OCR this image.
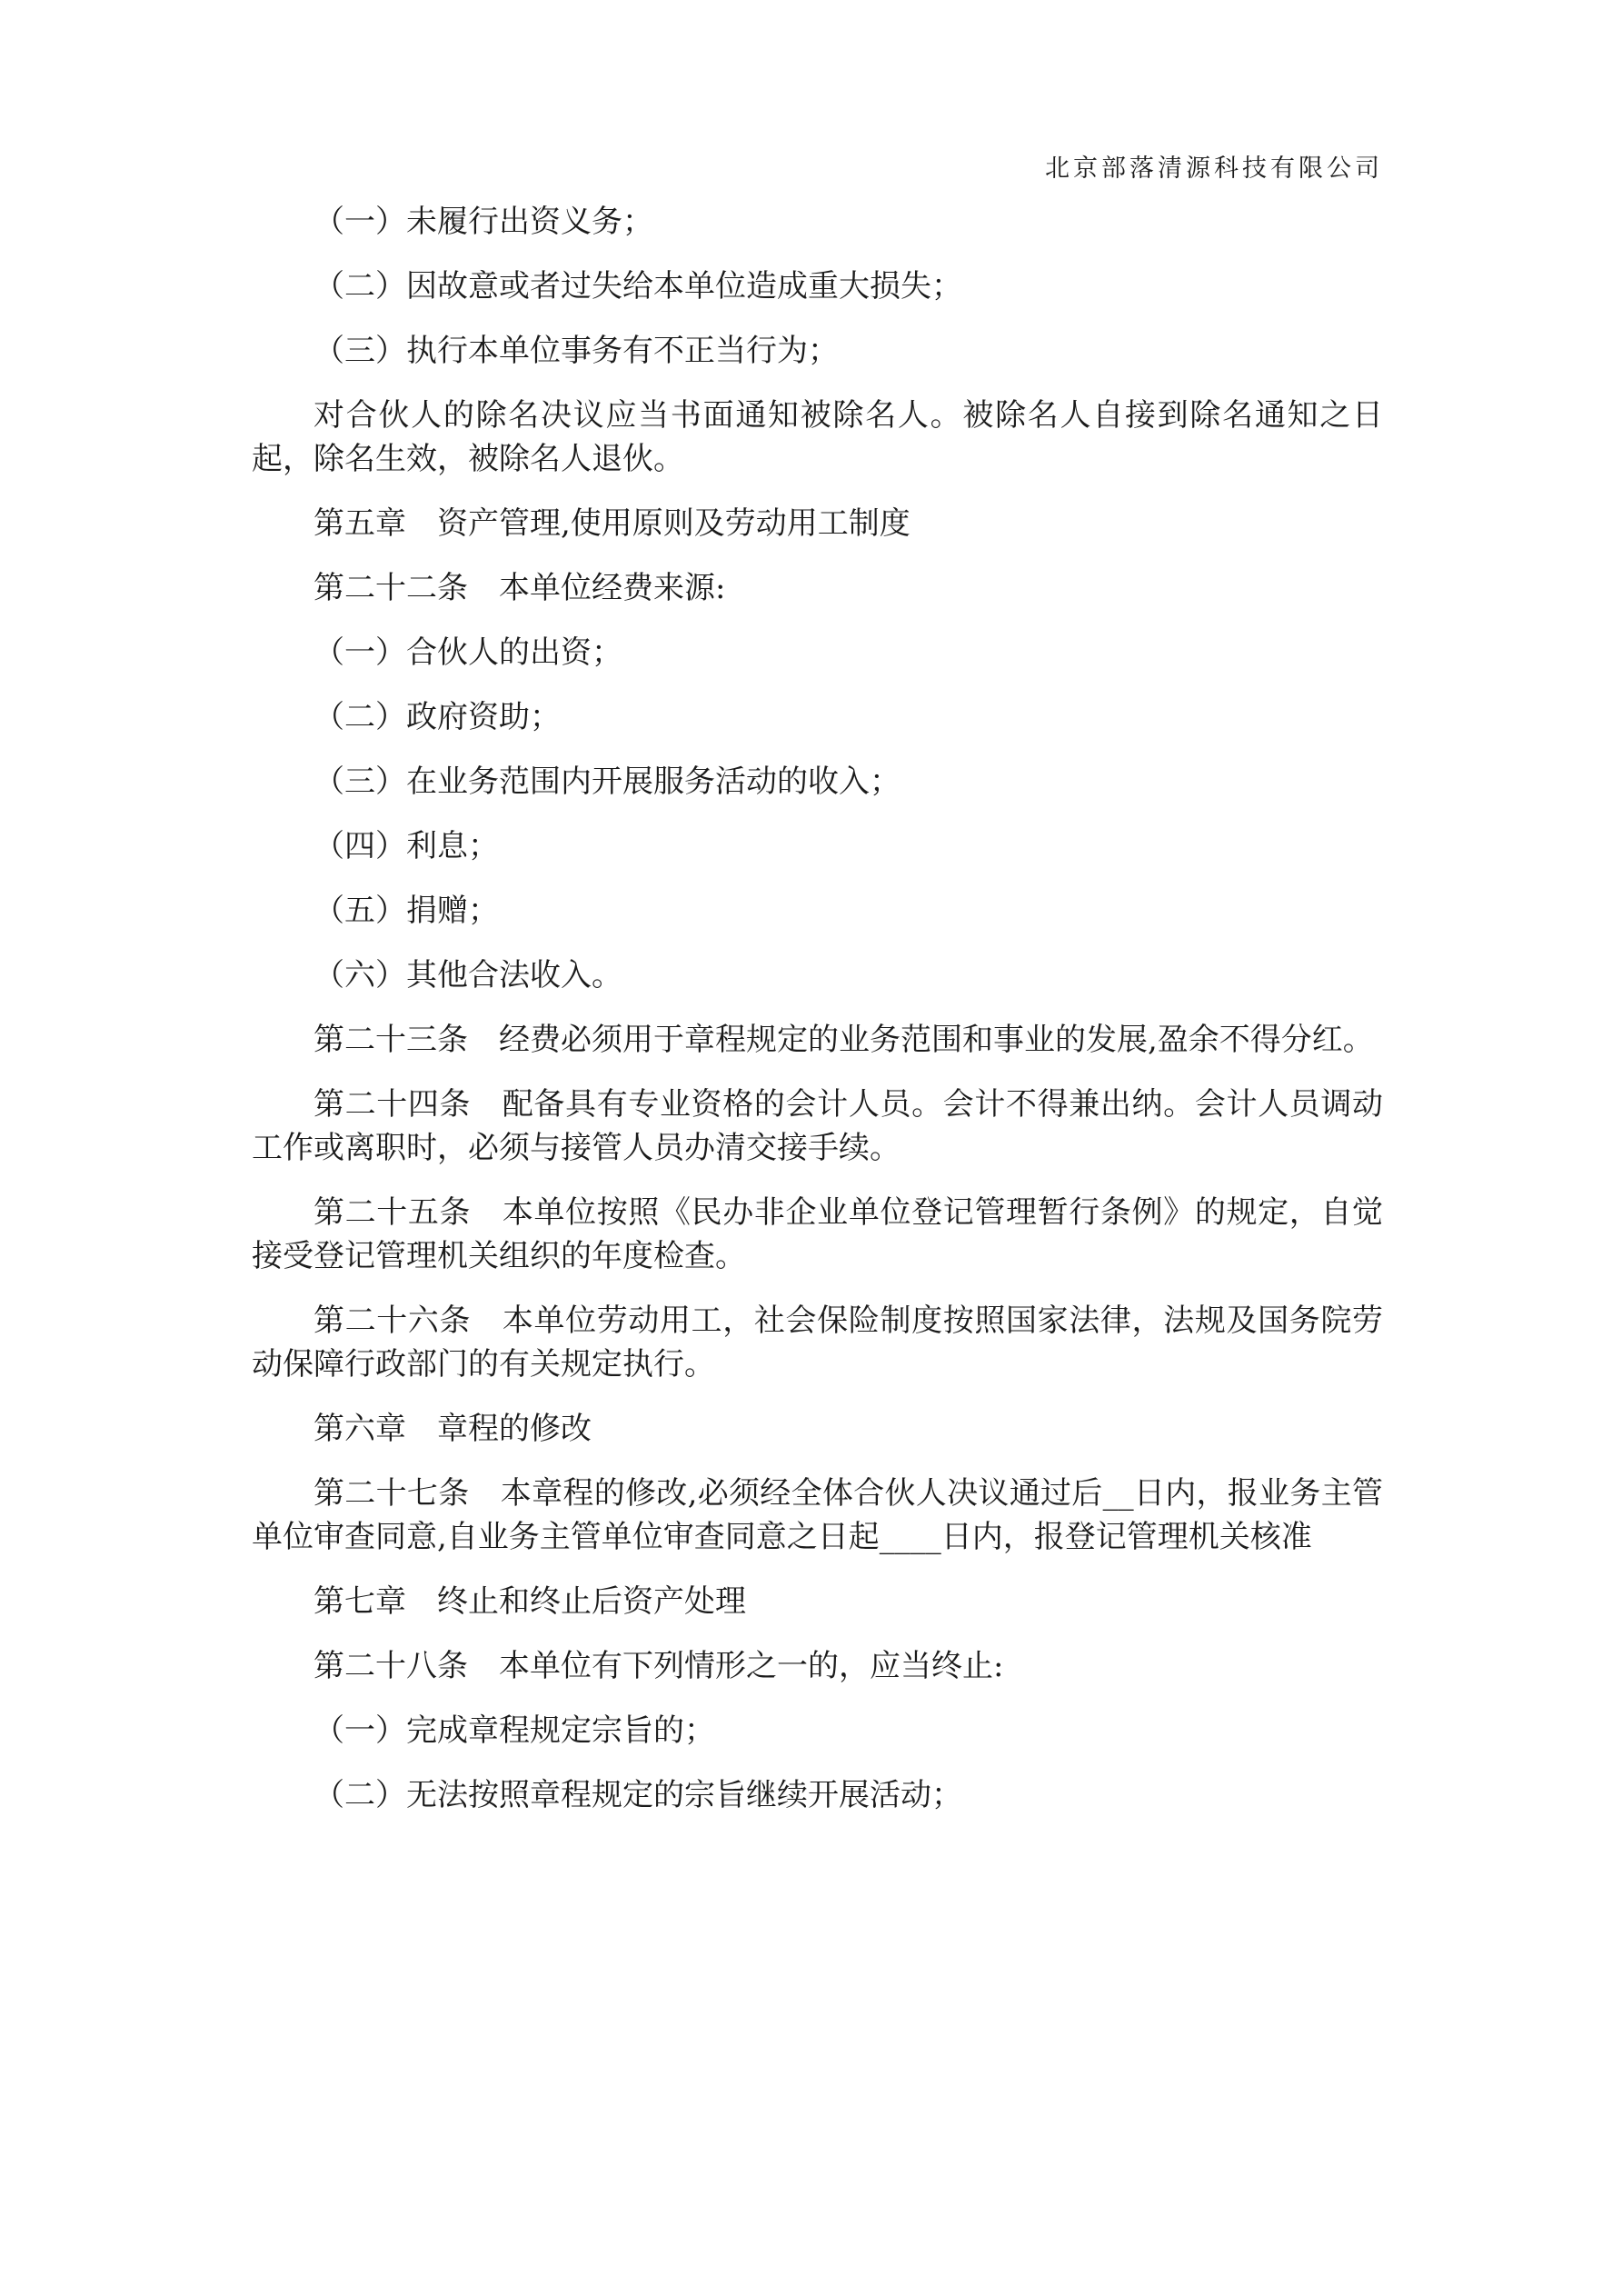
北京部落清源科技有限公司
（一）未履行出资义务；
（二）因故意或者过失给本单位造成重大损失；
（三）执行本单位事务有不正当行为；
对合伙人的除名决议应当书面通知被除名人。被除名人自接到除名通知之日起，除名生效，被除名人退伙。
第五章　资产管理,使用原则及劳动用工制度
第二十二条　本单位经费来源:
（一）合伙人的出资；
（二）政府资助；
（三）在业务范围内开展服务活动的收入；
（四）利息；
（五）捐赠；
（六）其他合法收入。
第二十三条　经费必须用于章程规定的业务范围和事业的发展,盈余不得分红。
第二十四条　配备具有专业资格的会计人员。会计不得兼出纳。会计人员调动工作或离职时，必须与接管人员办清交接手续。
第二十五条　本单位按照《民办非企业单位登记管理暂行条例》的规定，自觉接受登记管理机关组织的年度检查。
第二十六条　本单位劳动用工，社会保险制度按照国家法律，法规及国务院劳动保障行政部门的有关规定执行。
第六章　章程的修改
第二十七条　本章程的修改,必须经全体合伙人决议通过后__日内，报业务主管单位审查同意,自业务主管单位审查同意之日起____日内，报登记管理机关核准
第七章　终止和终止后资产处理
第二十八条　本单位有下列情形之一的，应当终止:
（一）完成章程规定宗旨的；
（二）无法按照章程规定的宗旨继续开展活动；
